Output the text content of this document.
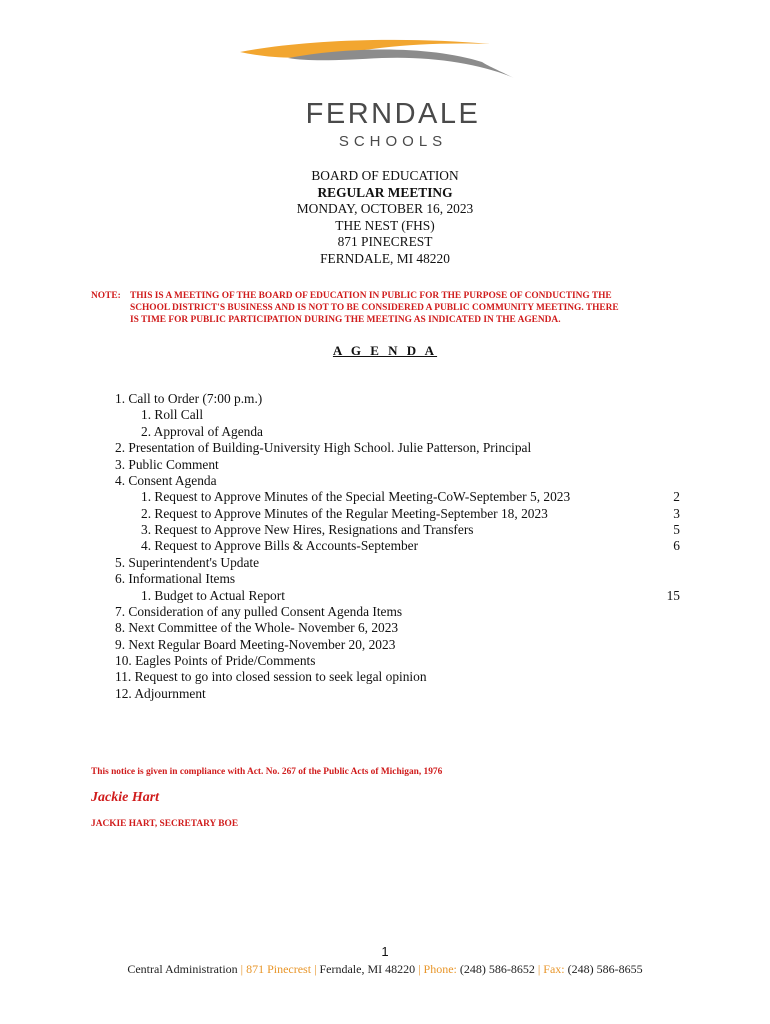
FERNDALE
SCHOOLS
BOARD OF EDUCATION
REGULAR MEETING
MONDAY, OCTOBER 16, 2023
THE NEST (FHS)
871 PINECREST
FERNDALE, MI 48220
NOTE: THIS IS A MEETING OF THE BOARD OF EDUCATION IN PUBLIC FOR THE PURPOSE OF CONDUCTING THE
SCHOOL DISTRICT'S BUSINESS AND IS NOT TO BE CONSIDERED A PUBLIC COMMUNITY MEETING. THERE
IS TIME FOR PUBLIC PARTICIPATION DURING THE MEETING AS INDICATED IN THE AGENDA.
A G E N D A
1. Call to Order (7:00 p.m.)
1. Roll Call
2. Approval of Agenda
2. Presentation of Building-University High School. Julie Patterson, Principal
3. Public Comment
4. Consent Agenda
1. Request to Approve Minutes of the Special Meeting-CoW-September 5, 2023	2
2. Request to Approve Minutes of the Regular Meeting-September 18, 2023	3
3. Request to Approve New Hires, Resignations and Transfers	5
4. Request to Approve Bills & Accounts-September	6
5. Superintendent's Update
6. Informational Items
1. Budget to Actual Report	15
7. Consideration of any pulled Consent Agenda Items
8. Next Committee of the Whole- November 6, 2023
9. Next Regular Board Meeting-November 20, 2023
10. Eagles Points of Pride/Comments
11. Request to go into closed session to seek legal opinion
12. Adjournment
This notice is given in compliance with Act. No. 267 of the Public Acts of Michigan, 1976
Jackie Hart
JACKIE HART, SECRETARY BOE
1
Central Administration | 871 Pinecrest | Ferndale, MI 48220 | Phone: (248) 586-8652 | Fax: (248) 586-8655
